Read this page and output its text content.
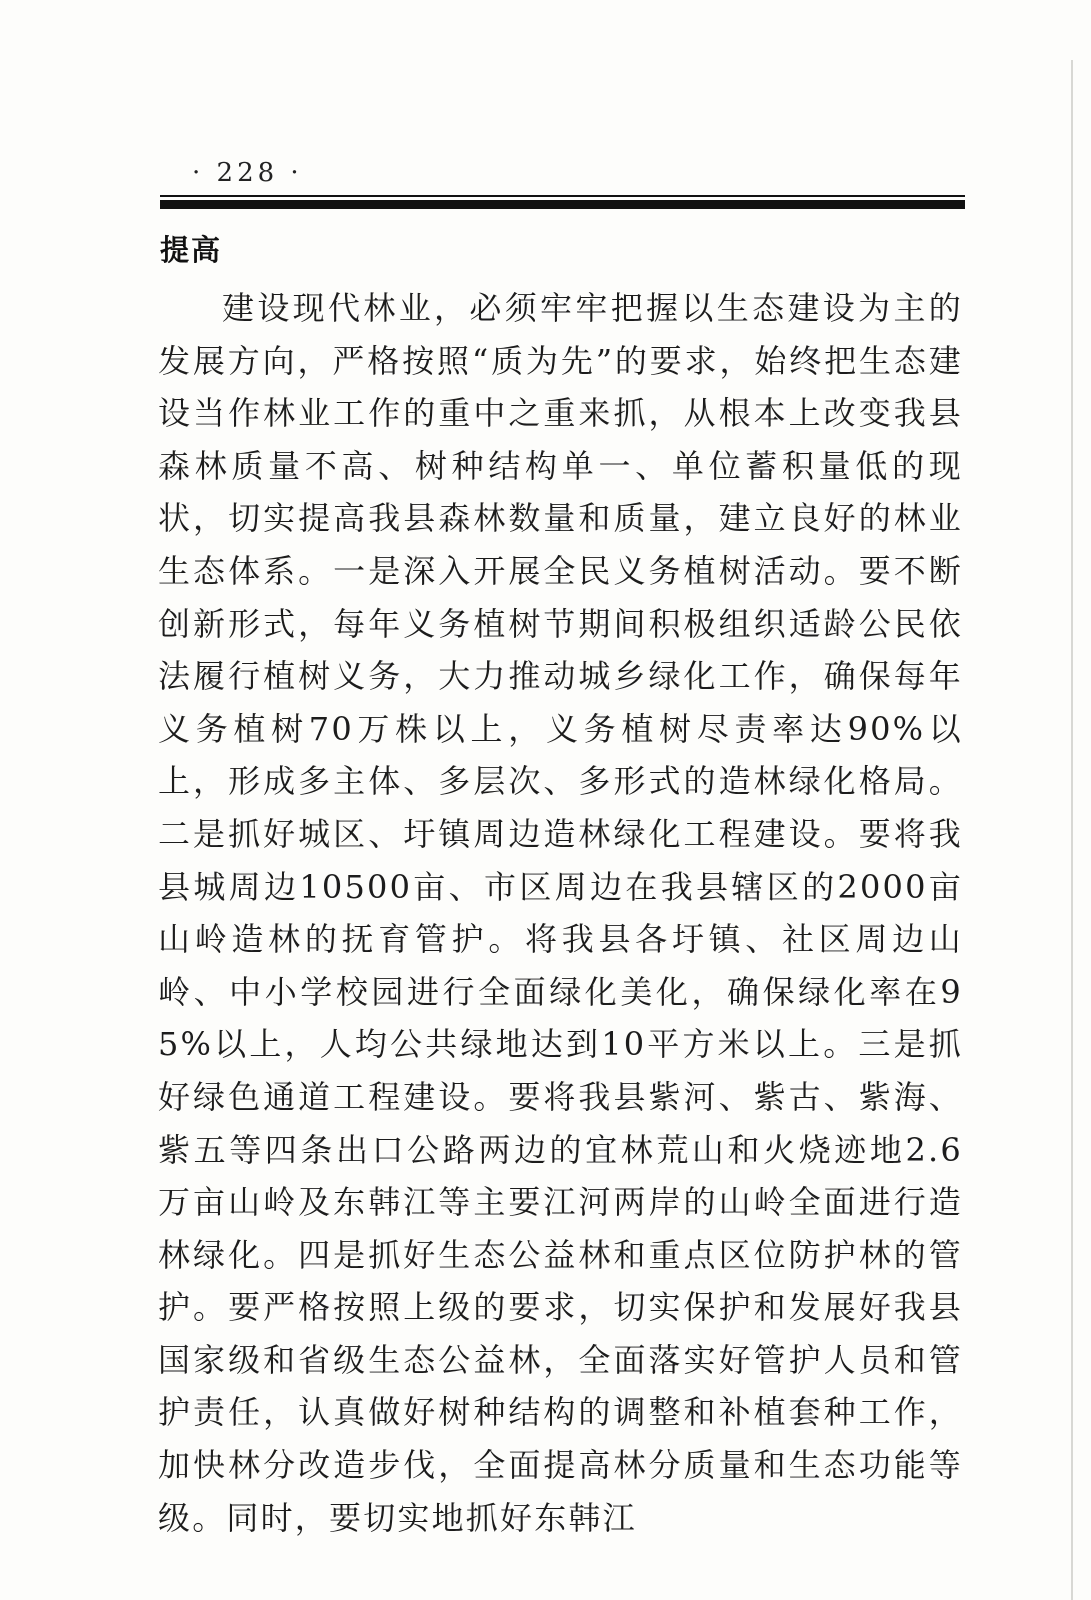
· 228 ·
提高

建设现代林业，必须牢牢把握以生态建设为主的发展方向，严格按照“质为先”的要求，始终把生态建设当作林业工作的重中之重来抓，从根本上改变我县森林质量不高、树种结构单一、单位蓄积量低的现状，切实提高我县森林数量和质量，建立良好的林业生态体系。一是深入开展全民义务植树活动。要不断创新形式，每年义务植树节期间积极组织适龄公民依法履行植树义务，大力推动城乡绿化工作，确保每年义务植树70万株以上，义务植树尽责率达90%以上，形成多主体、多层次、多形式的造林绿化格局。二是抓好城区、圩镇周边造林绿化工程建设。要将我县城周边10500亩、市区周边在我县辖区的2000亩山岭造林的抚育管护。将我县各圩镇、社区周边山岭、中小学校园进行全面绿化美化，确保绿化率在95%以上，人均公共绿地达到10平方米以上。三是抓好绿色通道工程建设。要将我县紫河、紫古、紫海、紫五等四条出口公路两边的宜林荒山和火烧迹地2.6万亩山岭及东韩江等主要江河两岸的山岭全面进行造林绿化。四是抓好生态公益林和重点区位防护林的管护。要严格按照上级的要求，切实保护和发展好我县国家级和省级生态公益林，全面落实好管护人员和管护责任，认真做好树种结构的调整和补植套种工作，加快林分改造步伐，全面提高林分质量和生态功能等级。同时，要切实地抓好东韩江
